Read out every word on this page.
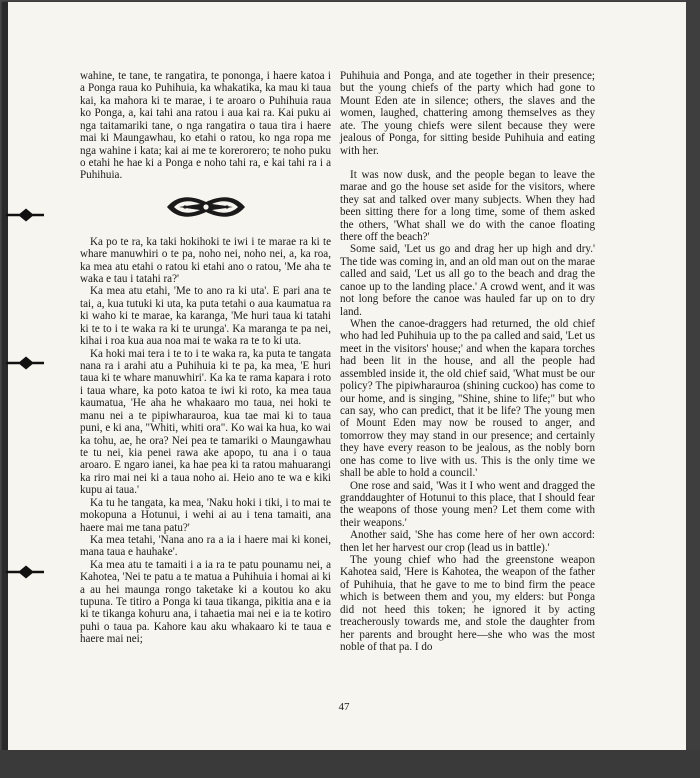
wahine, te tane, te rangatira, te pononga, i haere katoa i a Ponga raua ko Puhihuia, ka whakatika, ka mau ki taua kai, ka mahora ki te marae, i te aroaro o Puhihuia raua ko Ponga, a, kai tahi ana ratou i aua kai ra. Kai puku ai nga taitamariki tane, o nga rangatira o taua tira i haere mai ki Maungawhau, ko etahi o ratou, ko nga ropa me nga wahine i kata; kai ai me te korerorero; te noho puku o etahi he hae ki a Ponga e noho tahi ra, e kai tahi ra i a Puhihuia.

Ka po te ra, ka taki hokihoki te iwi i te marae ra ki te whare manuwhiri o te pa, noho nei, noho nei, a, ka roa, ka mea atu etahi o ratou ki etahi ano o ratou, 'Me aha te waka e tau i tatahi ra?'

Ka mea atu etahi, 'Me to ano ra ki uta'. E pari ana te tai, a, kua tutuki ki uta, ka puta tetahi o aua kaumatua ra ki waho ki te marae, ka karanga, 'Me huri taua ki tatahi ki te to i te waka ra ki te urunga'. Ka maranga te pa nei, kihai i roa kua aua noa mai te waka ra te to ki uta.

Ka hoki mai tera i te to i te waka ra, ka puta te tangata nana ra i arahi atu a Puhihuia ki te pa, ka mea, 'E huri taua ki te whare manuwhiri'. Ka ka te rama kapara i roto i taua whare, ka poto katoa te iwi ki roto, ka mea taua kaumatua, 'He aha he whakaaro mo taua, nei hoki te manu nei a te pipiwharauroa, kua tae mai ki to taua puni, e ki ana, "Whiti, whiti ora". Ko wai ka hua, ko wai ka tohu, ae, he ora? Nei pea te tamariki o Maungawhau te tu nei, kia penei rawa ake apopo, tu ana i o taua aroaro. E ngaro ianei, ka hae pea ki ta ratou mahuarangi ka riro mai nei ki a taua noho ai. Heio ano te wa e kiki kupu ai taua.'

Ka tu he tangata, ka mea, 'Naku hoki i tiki, i to mai te mokopuna a Hotunui, i wehi ai au i tena tamaiti, ana haere mai me tana patu?'

Ka mea tetahi, 'Nana ano ra a ia i haere mai ki konei, mana taua e hauhake'.

Ka mea atu te tamaiti i a ia ra te patu pounamu nei, a Kahotea, 'Nei te patu a te matua a Puhihuia i homai ai ki a au hei maunga rongo taketake ki a koutou ko aku tupuna. Te titiro a Ponga ki taua tikanga, pikitia ana e ia ki te tikanga kohuru ana, i tahaetia mai nei e ia te kotiro puhi o taua pa. Kahore kau aku whakaaro ki te taua e haere mai nei;

Puhihuia and Ponga, and ate together in their presence; but the young chiefs of the party which had gone to Mount Eden ate in silence; others, the slaves and the women, laughed, chattering among themselves as they ate. The young chiefs were silent because they were jealous of Ponga, for sitting beside Puhihuia and eating with her.

It was now dusk, and the people began to leave the marae and go the house set aside for the visitors, where they sat and talked over many subjects. When they had been sitting there for a long time, some of them asked the others, 'What shall we do with the canoe floating there off the beach?'

Some said, 'Let us go and drag her up high and dry.' The tide was coming in, and an old man out on the marae called and said, 'Let us all go to the beach and drag the canoe up to the landing place.' A crowd went, and it was not long before the canoe was hauled far up on to dry land.

When the canoe-draggers had returned, the old chief who had led Puhihuia up to the pa called and said, 'Let us meet in the visitors' house;' and when the kapara torches had been lit in the house, and all the people had assembled inside it, the old chief said, 'What must be our policy? The pipiwharauroa (shining cuckoo) has come to our home, and is singing, "Shine, shine to life;" but who can say, who can predict, that it be life? The young men of Mount Eden may now be roused to anger, and tomorrow they may stand in our presence; and certainly they have every reason to be jealous, as the nobly born one has come to live with us. This is the only time we shall be able to hold a council.'

One rose and said, 'Was it I who went and dragged the granddaughter of Hotunui to this place, that I should fear the weapons of those young men? Let them come with their weapons.'

Another said, 'She has come here of her own accord: then let her harvest our crop (lead us in battle).'

The young chief who had the greenstone weapon Kahotea said, 'Here is Kahotea, the weapon of the father of Puhihuia, that he gave to me to bind firm the peace which is between them and you, my elders: but Ponga did not heed this token; he ignored it by acting treacherously towards me, and stole the daughter from her parents and brought here—she who was the most noble of that pa. I do

47
